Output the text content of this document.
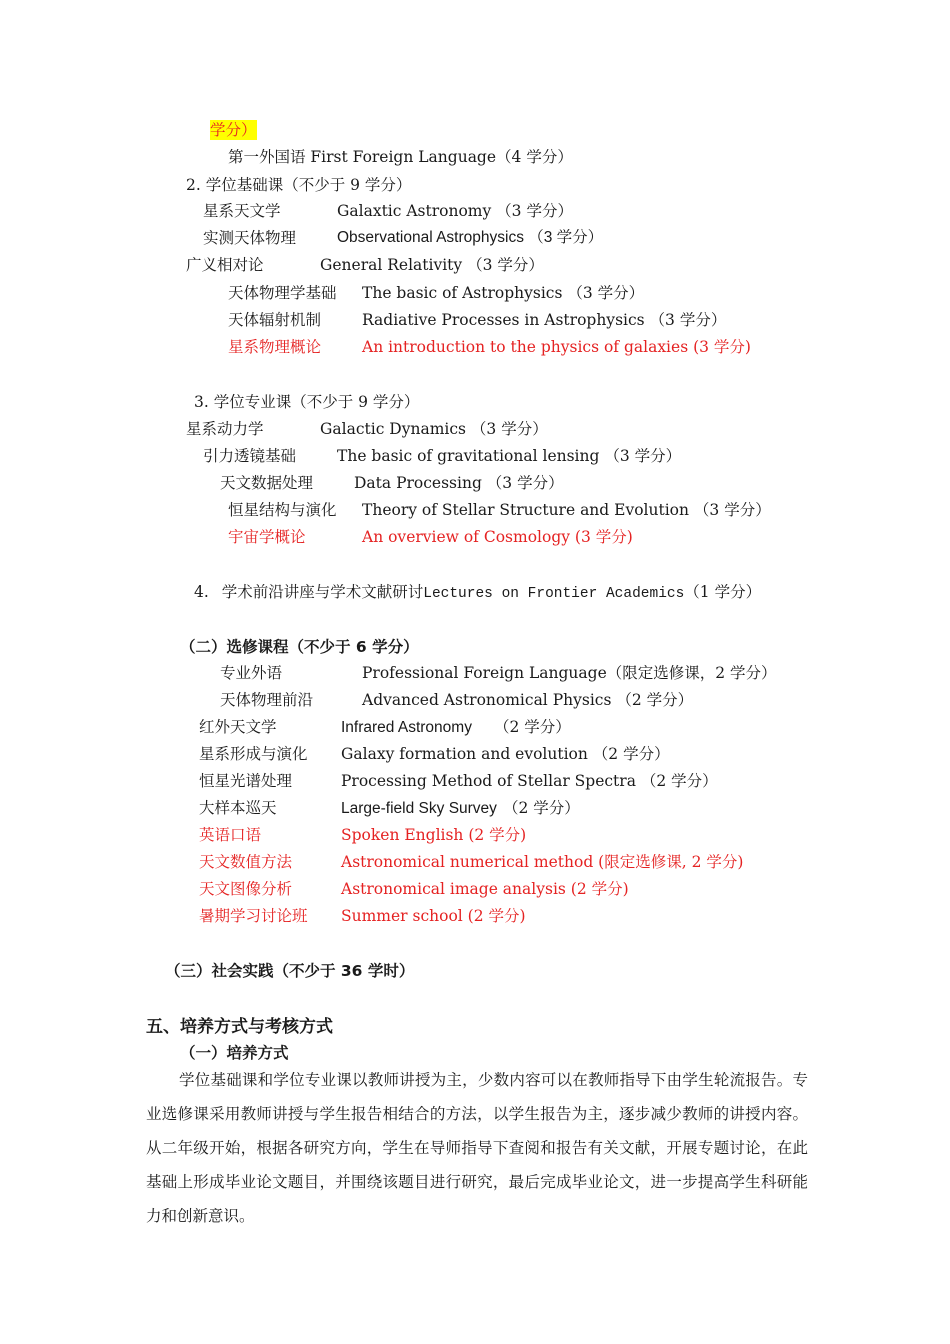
学分）
第一外国语 First Foreign Language（4 学分）
2. 学位基础课（不少于 9 学分）
星系天文学	Galaxtic Astronomy （3 学分）
实测天体物理	Observational Astrophysics （3 学分）
广义相对论	General Relativity （3 学分）
天体物理学基础 The basic of Astrophysics （3 学分）
天体辐射机制	Radiative Processes in Astrophysics （3 学分）
星系物理概论	An introduction to the physics of galaxies (3 学分)
3. 学位专业课（不少于 9 学分）
星系动力学	Galactic Dynamics （3 学分）
引力透镜基础	The basic of gravitational lensing （3 学分）
天文数据处理	Data Processing （3 学分）
恒星结构与演化 Theory of Stellar Structure and Evolution （3 学分）
宇宙学概论	An overview of Cosmology (3 学分)
4. 学术前沿讲座与学术文献研讨Lectures on Frontier Academics（1 学分）
（二）选修课程（不少于 6 学分）
专业外语	Professional Foreign Language（限定选修课，2 学分）
天体物理前沿	Advanced Astronomical Physics （2 学分）
红外天文学	Infrared Astronomy （2 学分）
星系形成与演化 Galaxy formation and evolution （2 学分）
恒星光谱处理	Processing Method of Stellar Spectra （2 学分）
大样本巡天	Large-field Sky Survey （2 学分）
英语口语	Spoken English (2 学分)
天文数值方法	Astronomical numerical method (限定选修课, 2 学分)
天文图像分析	Astronomical image analysis (2 学分)
暑期学习讨论班 Summer school (2 学分)
（三）社会实践（不少于 36 学时）
五、培养方式与考核方式
（一）培养方式
学位基础课和学位专业课以教师讲授为主，少数内容可以在教师指导下由学生轮流报告。专业选修课采用教师讲授与学生报告相结合的方法，以学生报告为主，逐步减少教师的讲授内容。从二年级开始，根据各研究方向，学生在导师指导下查阅和报告有关文献，开展专题讨论，在此基础上形成毕业论文题目，并围绕该题目进行研究，最后完成毕业论文，进一步提高学生科研能力和创新意识。
